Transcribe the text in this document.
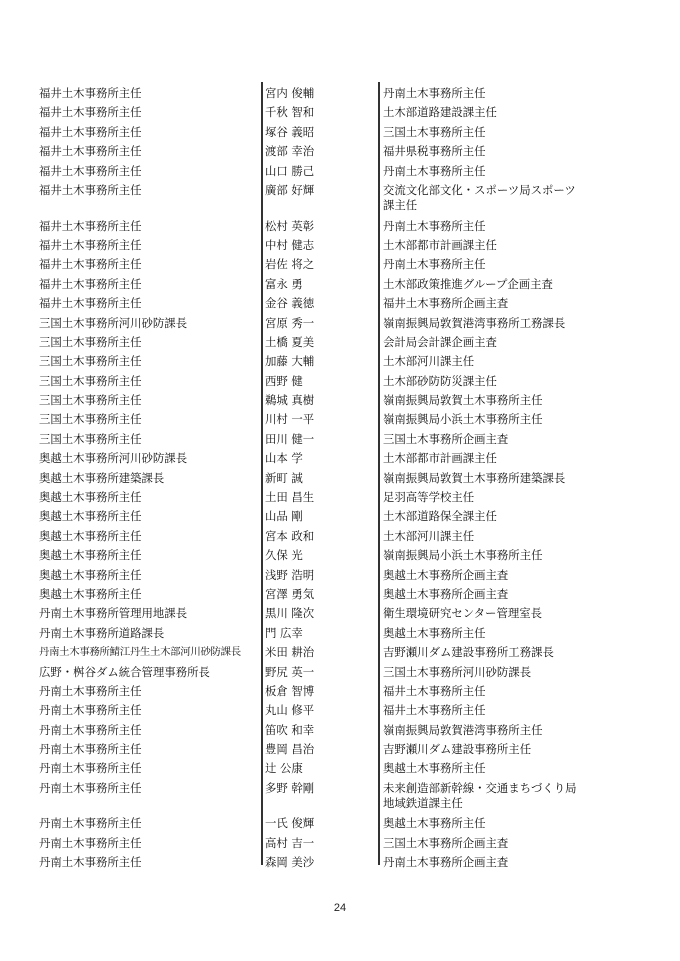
福井土木事務所主任	宮内 俊輔	丹南土木事務所主任
福井土木事務所主任	千秋 智和	土木部道路建設課主任
福井土木事務所主任	塚谷 義昭	三国土木事務所主任
福井土木事務所主任	渡部 幸治	福井県税事務所主任
福井土木事務所主任	山口 勝己	丹南土木事務所主任
福井土木事務所主任	廣部 好輝	交流文化部文化・スポーツ局スポーツ課主任
福井土木事務所主任	松村 英彰	丹南土木事務所主任
福井土木事務所主任	中村 健志	土木部都市計画課主任
福井土木事務所主任	岩佐 将之	丹南土木事務所主任
福井土木事務所主任	富永 勇	土木部政策推進グループ企画主査
福井土木事務所主任	金谷 義徳	福井土木事務所企画主査
三国土木事務所河川砂防課長	宮原 秀一	嶺南振興局敦賀港湾事務所工務課長
三国土木事務所主任	土橋 夏美	会計局会計課企画主査
三国土木事務所主任	加藤 大輔	土木部河川課主任
三国土木事務所主任	西野 健	土木部砂防防災課主任
三国土木事務所主任	鵜城 真樹	嶺南振興局敦賀土木事務所主任
三国土木事務所主任	川村 一平	嶺南振興局小浜土木事務所主任
三国土木事務所主任	田川 健一	三国土木事務所企画主査
奥越土木事務所河川砂防課長	山本 学	土木部都市計画課主任
奥越土木事務所建築課長	新町 誠	嶺南振興局敦賀土木事務所建築課長
奥越土木事務所主任	土田 昌生	足羽高等学校主任
奥越土木事務所主任	山品 剛	土木部道路保全課主任
奥越土木事務所主任	宮本 政和	土木部河川課主任
奥越土木事務所主任	久保 光	嶺南振興局小浜土木事務所主任
奥越土木事務所主任	浅野 浩明	奥越土木事務所企画主査
奥越土木事務所主任	宮澤 勇気	奥越土木事務所企画主査
丹南土木事務所管理用地課長	黒川 隆次	衛生環境研究センター管理室長
丹南土木事務所道路課長	門 広幸	奥越土木事務所主任
丹南土木事務所鯖江丹生土木部河川砂防課長	米田 耕治	吉野瀬川ダム建設事務所工務課長
広野・桝谷ダム統合管理事務所長	野尻 英一	三国土木事務所河川砂防課長
丹南土木事務所主任	板倉 智博	福井土木事務所主任
丹南土木事務所主任	丸山 修平	福井土木事務所主任
丹南土木事務所主任	笛吹 和幸	嶺南振興局敦賀港湾事務所主任
丹南土木事務所主任	豊岡 昌治	吉野瀬川ダム建設事務所主任
丹南土木事務所主任	辻 公康	奥越土木事務所主任
丹南土木事務所主任	多野 幹剛	未来創造部新幹線・交通まちづくり局地域鉄道課主任
丹南土木事務所主任	一氏 俊輝	奥越土木事務所主任
丹南土木事務所主任	高村 吉一	三国土木事務所企画主査
丹南土木事務所主任	森岡 美沙	丹南土木事務所企画主査
24
